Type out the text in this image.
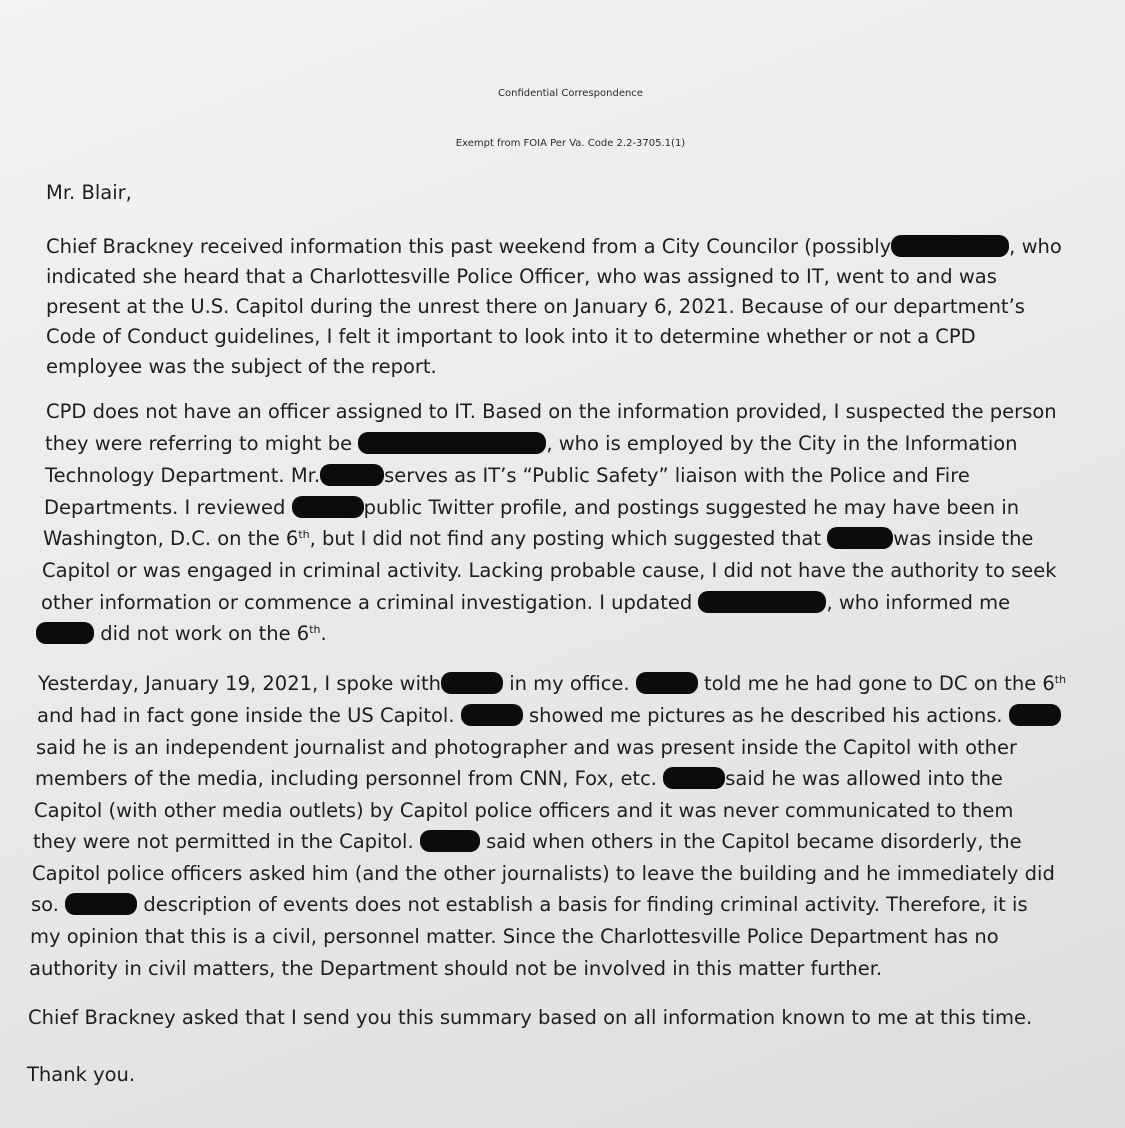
Confidential Correspondence
Exempt from FOIA Per Va. Code 2.2-3705.1(1)
Mr. Blair,
Chief Brackney received information this past weekend from a City Councilor (possibly	, who
indicated she heard that a Charlottesville Police Officer, who was assigned to IT, went to and was
present at the U.S. Capitol during the unrest there on January 6, 2021. Because of our department’s
Code of Conduct guidelines, I felt it important to look into it to determine whether or not a CPD
employee was the subject of the report.
CPD does not have an officer assigned to IT. Based on the information provided, I suspected the person
they were referring to might be	, who is employed by the City in the Information
Technology Department. Mr.	serves as IT’s “Public Safety” liaison with the Police and Fire
Departments. I reviewed	public Twitter profile, and postings suggested he may have been in
Washington, D.C. on the 6th, but I did not find any posting which suggested that	was inside the
Capitol or was engaged in criminal activity. Lacking probable cause, I did not have the authority to seek
other information or commence a criminal investigation. I updated	, who informed me
did not work on the 6th.
Yesterday, January 19, 2021, I spoke with	in my office.	told me he had gone to DC on the 6th
and had in fact gone inside the US Capitol.	showed me pictures as he described his actions.
said he is an independent journalist and photographer and was present inside the Capitol with other
members of the media, including personnel from CNN, Fox, etc.	said he was allowed into the
Capitol (with other media outlets) by Capitol police officers and it was never communicated to them
they were not permitted in the Capitol.	said when others in the Capitol became disorderly, the
Capitol police officers asked him (and the other journalists) to leave the building and he immediately did
so.	description of events does not establish a basis for finding criminal activity. Therefore, it is
my opinion that this is a civil, personnel matter. Since the Charlottesville Police Department has no
authority in civil matters, the Department should not be involved in this matter further.
Chief Brackney asked that I send you this summary based on all information known to me at this time.
Thank you.
